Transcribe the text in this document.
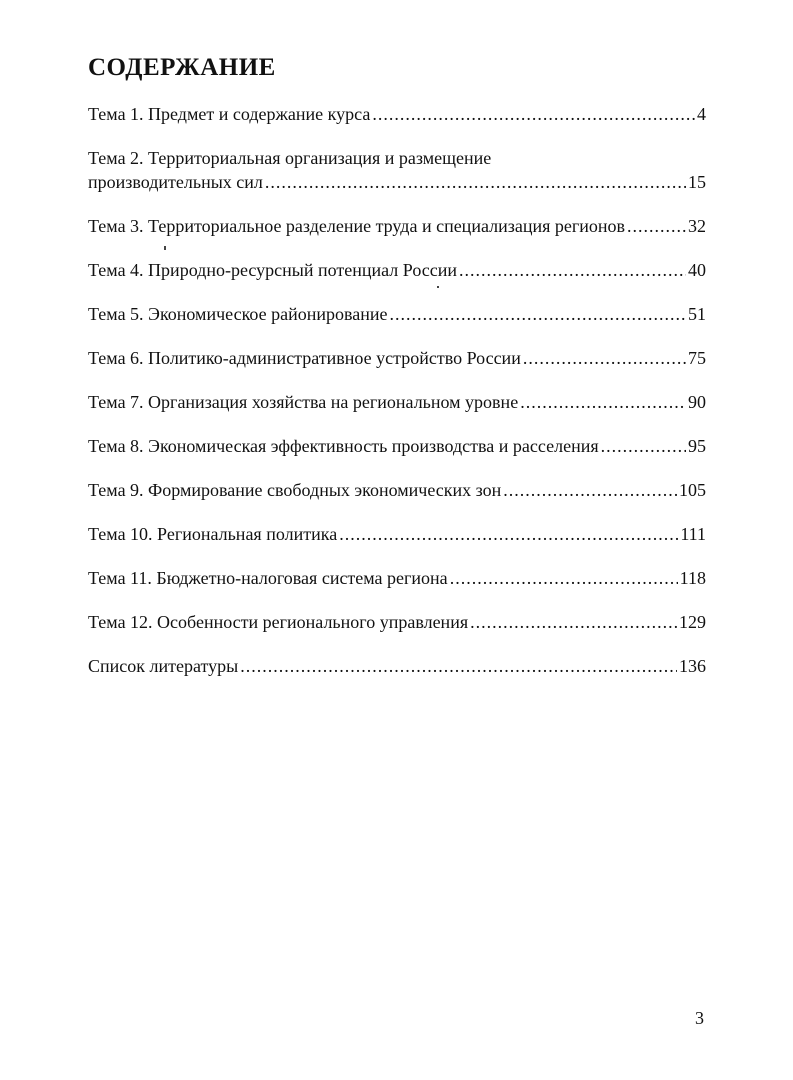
СОДЕРЖАНИЕ
Тема 1. Предмет и содержание курса .....	4
Тема 2. Территориальная организация и размещение
производительных сил .....	15
Тема 3. Территориальное разделение труда и специализация регионов .....	32
Тема 4. Природно-ресурсный потенциал России .....	40
Тема 5. Экономическое районирование .....	51
Тема 6. Политико-административное устройство России .....	75
Тема 7. Организация хозяйства на региональном уровне .....	90
Тема 8. Экономическая эффективность производства и расселения .....	95
Тема 9. Формирование свободных экономических зон .....	105
Тема 10. Региональная политика .....	111
Тема 11. Бюджетно-налоговая система региона .....	118
Тема 12. Особенности регионального управления .....	129
Список литературы .....	136
3
